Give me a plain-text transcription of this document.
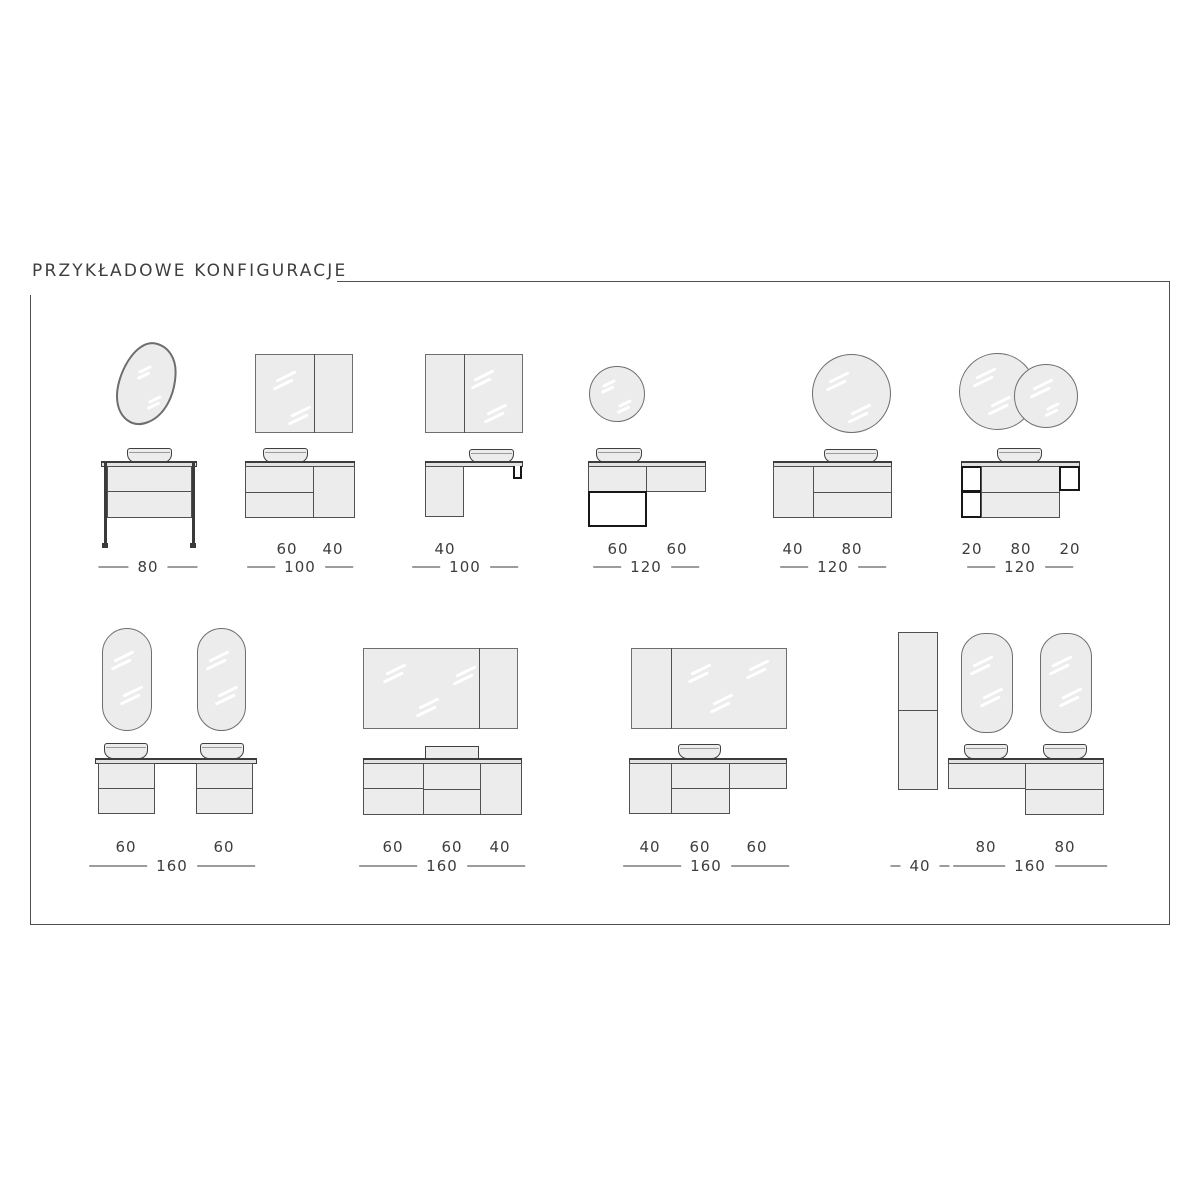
PRZYKŁADOWE KONFIGURACJE
80
60 40
100
40
100
60	60
120
40	80
120
20 80 20
120
60	60
160
60	60 40
160
40 60 60
160
80	80
40	160
